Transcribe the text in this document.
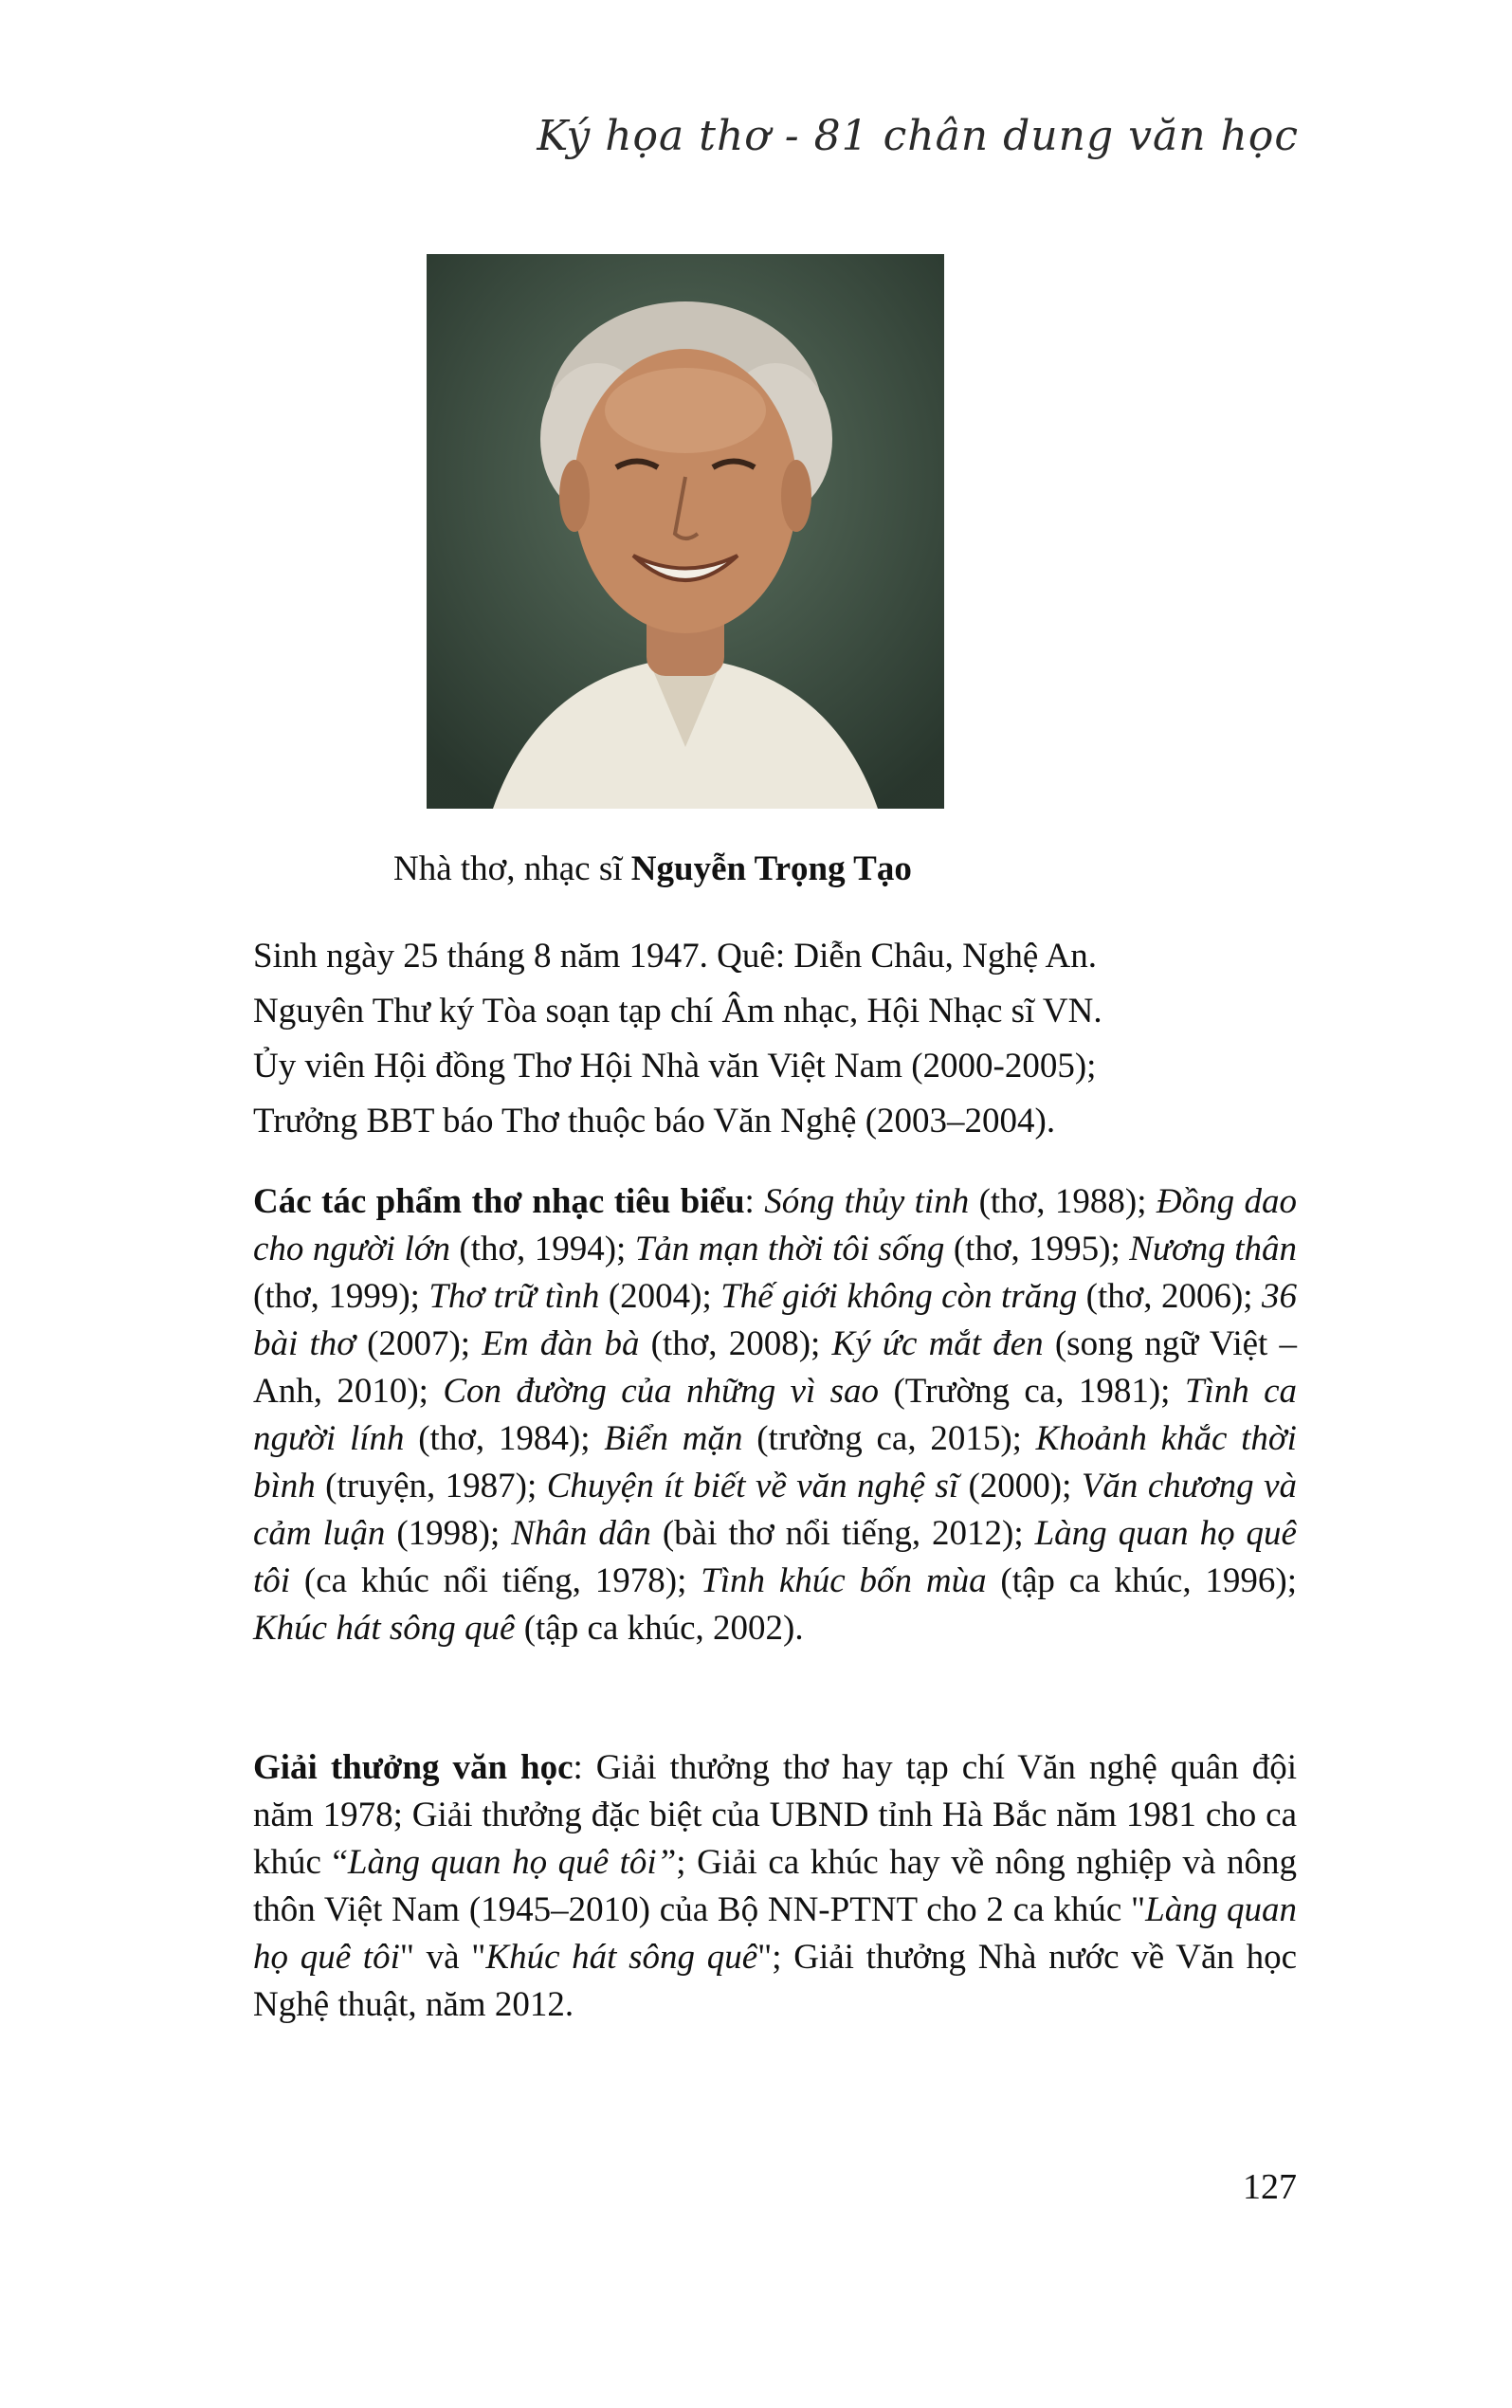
Ký họa thơ - 81 chân dung văn học
Nhà thơ, nhạc sĩ Nguyễn Trọng Tạo
Sinh ngày 25 tháng 8 năm 1947. Quê: Diễn Châu, Nghệ An.
Nguyên Thư ký Tòa soạn tạp chí Âm nhạc, Hội Nhạc sĩ VN.
Ủy viên Hội đồng Thơ Hội Nhà văn Việt Nam (2000-2005);
Trưởng BBT báo Thơ thuộc báo Văn Nghệ (2003–2004).
Các tác phẩm thơ nhạc tiêu biểu: Sóng thủy tinh (thơ, 1988); Đồng dao cho người lớn (thơ, 1994); Tản mạn thời tôi sống (thơ, 1995); Nương thân (thơ, 1999); Thơ trữ tình (2004); Thế giới không còn trăng (thơ, 2006); 36 bài thơ (2007); Em đàn bà (thơ, 2008); Ký ức mắt đen (song ngữ Việt – Anh, 2010); Con đường của những vì sao (Trường ca, 1981); Tình ca người lính (thơ, 1984); Biển mặn (trường ca, 2015); Khoảnh khắc thời bình (truyện, 1987); Chuyện ít biết về văn nghệ sĩ (2000); Văn chương và cảm luận (1998); Nhân dân (bài thơ nổi tiếng, 2012); Làng quan họ quê tôi (ca khúc nổi tiếng, 1978); Tình khúc bốn mùa (tập ca khúc, 1996); Khúc hát sông quê (tập ca khúc, 2002).
Giải thưởng văn học: Giải thưởng thơ hay tạp chí Văn nghệ quân đội năm 1978; Giải thưởng đặc biệt của UBND tỉnh Hà Bắc năm 1981 cho ca khúc “Làng quan họ quê tôi”; Giải ca khúc hay về nông nghiệp và nông thôn Việt Nam (1945–2010) của Bộ NN-PTNT cho 2 ca khúc "Làng quan họ quê tôi" và "Khúc hát sông quê"; Giải thưởng Nhà nước về Văn học Nghệ thuật, năm 2012.
127
